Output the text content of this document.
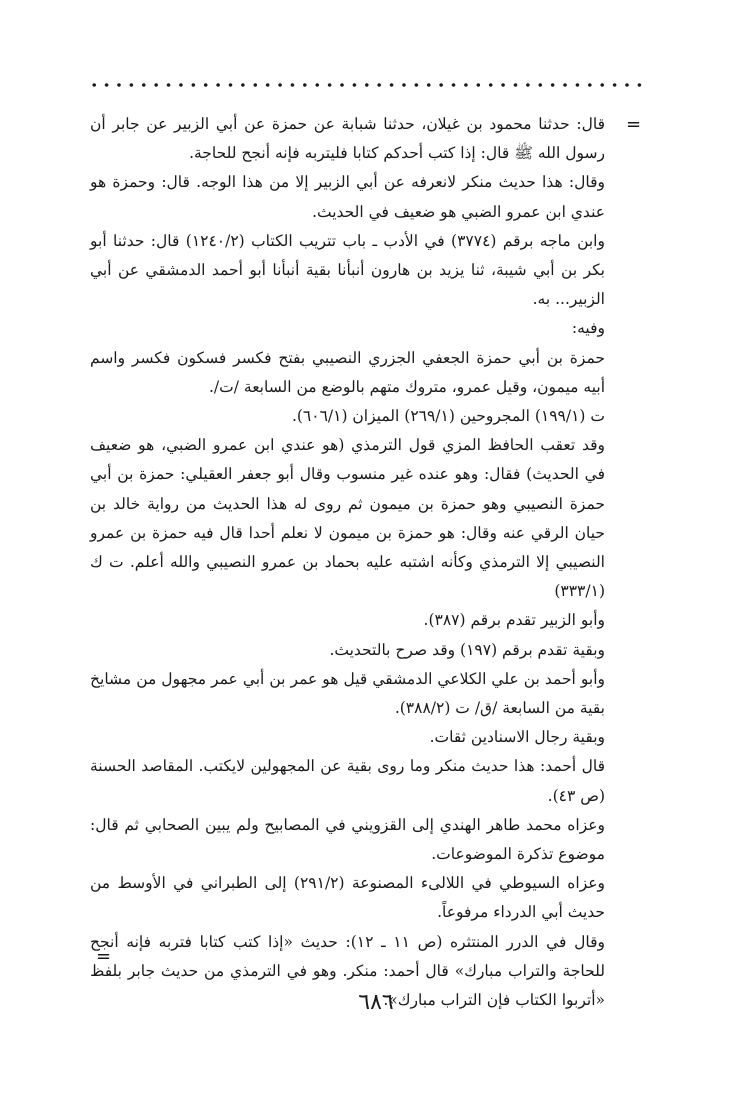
=

قال: حدثنا محمود بن غيلان، حدثنا شبابة عن حمزة عن أبي الزبير عن جابر أن رسول الله ﷺ قال: إذا كتب أحدكم كتابا فليتربه فإنه أنجح للحاجة.

وقال: هذا حديث منكر لانعرفه عن أبي الزبير إلا من هذا الوجه. قال: وحمزة هو عندي ابن عمرو الضبي هو ضعيف في الحديث.

وابن ماجه برقم (٣٧٧٤) في الأدب ـ باب تتريب الكتاب (١٢٤٠/٢) قال: حدثنا أبو بكر بن أبي شيبة، ثنا يزيد بن هارون أنبأنا بقية أنبأنا أبو أحمد الدمشقي عن أبي الزبير... به.

وفيه:

حمزة بن أبي حمزة الجعفي الجزري النصيبي بفتح فكسر فسكون فكسر واسم أبيه ميمون، وقيل عمرو، متروك متهم بالوضع من السابعة /ت/.

ت (١٩٩/١) المجروحين (٢٦٩/١) الميزان (٦٠٦/١).

وقد تعقب الحافظ المزي قول الترمذي (هو عندي ابن عمرو الضبي، هو ضعيف في الحديث) فقال: وهو عنده غير منسوب وقال أبو جعفر العقيلي: حمزة بن أبي حمزة النصيبي وهو حمزة بن ميمون ثم روى له هذا الحديث من رواية خالد بن حيان الرقي عنه وقال: هو حمزة بن ميمون لا نعلم أحدا قال فيه حمزة بن عمرو النصيبي إلا الترمذي وكأنه اشتبه عليه بحماد بن عمرو النصيبي والله أعلم. ت ك (٣٣٣/١)

وأبو الزبير تقدم برقم (٣٨٧).

وبقية تقدم برقم (١٩٧) وقد صرح بالتحديث.

وأبو أحمد بن علي الكلاعي الدمشقي قيل هو عمر بن أبي عمر مجهول من مشايخ بقية من السابعة /ق/ ت (٣٨٨/٢).

وبقية رجال الاسنادين ثقات.

قال أحمد: هذا حديث منكر وما روى بقية عن المجهولين لايكتب. المقاصد الحسنة (ص ٤٣).

وعزاه محمد طاهر الهندي إلى القزويني في المصابيح ولم يبين الصحابي ثم قال: موضوع تذكرة الموضوعات.

وعزاه السيوطي في اللالىء المصنوعة (٢٩١/٢) إلى الطبراني في الأوسط من حديث أبي الدرداء مرفوعاً.

وقال في الدرر المنتثره (ص ١١ ـ ١٢): حديث «إذا كتب كتابا فتربه فإنه أنجح للحاجة والتراب مبارك» قال أحمد: منكر. وهو في الترمذي من حديث جابر بلفظ «أتربوا الكتاب فإن التراب مبارك».

=
٦٨٦
